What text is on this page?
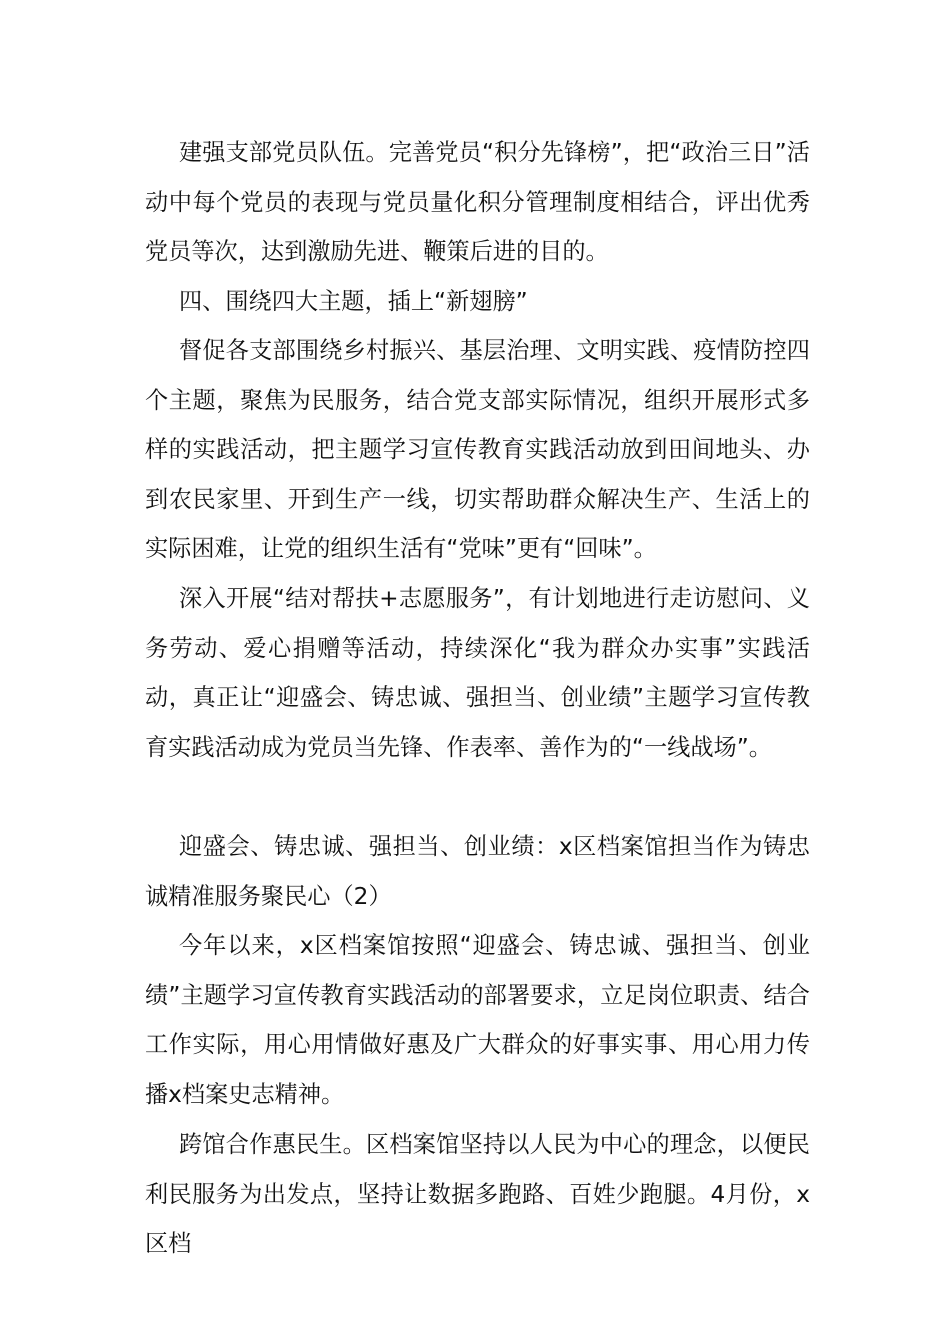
建强支部党员队伍。完善党员“积分先锋榜”，把“政治三日”活动中每个党员的表现与党员量化积分管理制度相结合，评出优秀党员等次，达到激励先进、鞭策后进的目的。

四、围绕四大主题，插上“新翅膀”

督促各支部围绕乡村振兴、基层治理、文明实践、疫情防控四个主题，聚焦为民服务，结合党支部实际情况，组织开展形式多样的实践活动，把主题学习宣传教育实践活动放到田间地头、办到农民家里、开到生产一线，切实帮助群众解决生产、生活上的实际困难，让党的组织生活有“党味”更有“回味”。

深入开展“结对帮扶+志愿服务”，有计划地进行走访慰问、义务劳动、爱心捐赠等活动，持续深化“我为群众办实事”实践活动，真正让“迎盛会、铸忠诚、强担当、创业绩”主题学习宣传教育实践活动成为党员当先锋、作表率、善作为的“一线战场”。

迎盛会、铸忠诚、强担当、创业绩：x区档案馆担当作为铸忠诚精准服务聚民心（2）

今年以来，x区档案馆按照“迎盛会、铸忠诚、强担当、创业绩”主题学习宣传教育实践活动的部署要求，立足岗位职责、结合工作实际，用心用情做好惠及广大群众的好事实事、用心用力传播x档案史志精神。

跨馆合作惠民生。区档案馆坚持以人民为中心的理念，以便民利民服务为出发点，坚持让数据多跑路、百姓少跑腿。4月份，x区档
